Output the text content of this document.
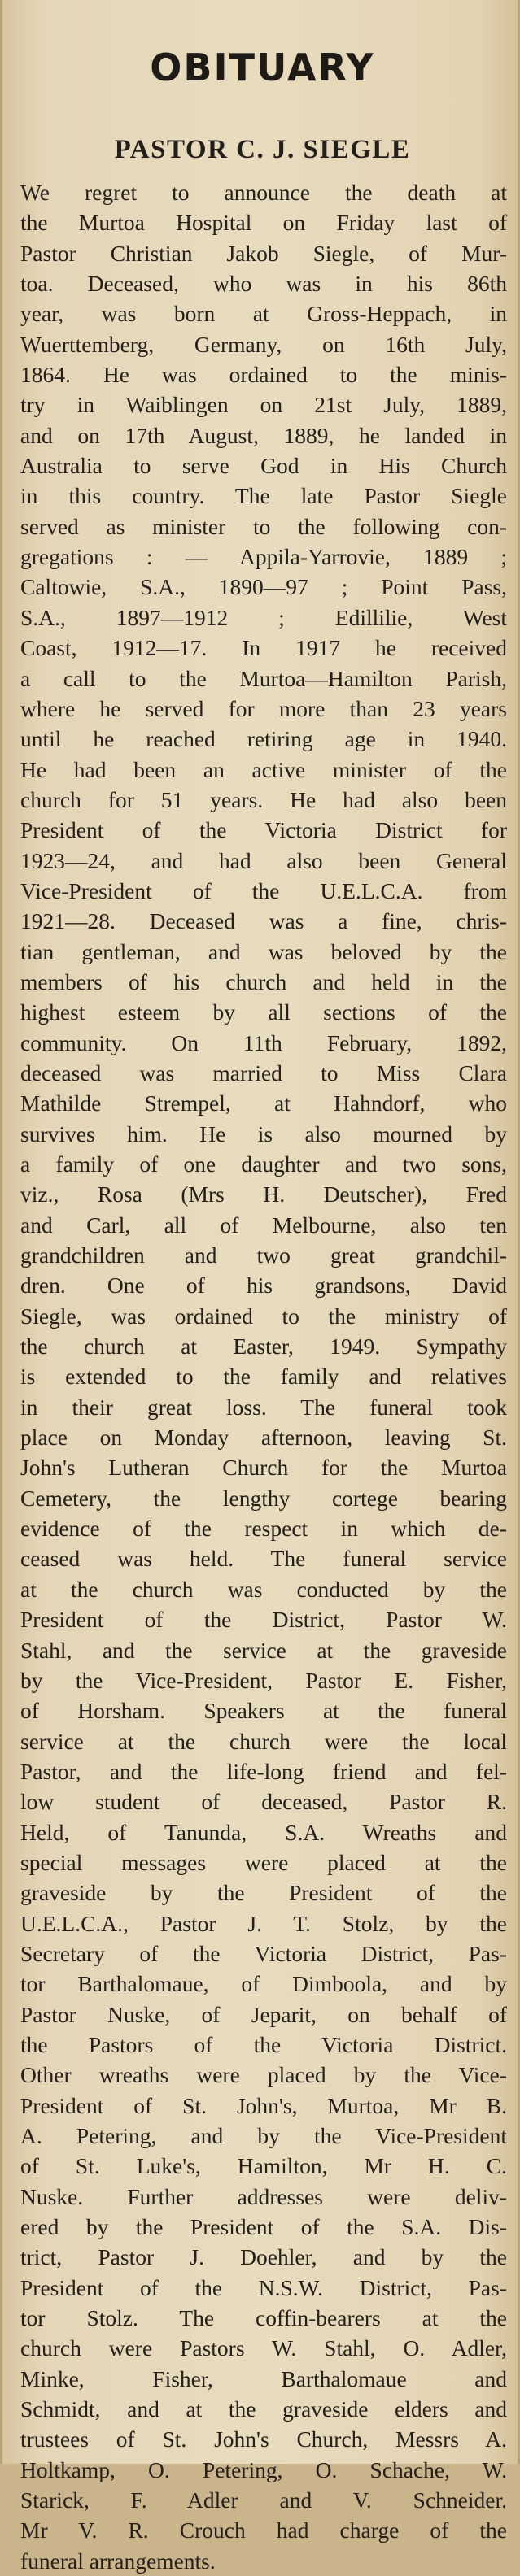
OBITUARY
PASTOR C. J. SIEGLE
We regret to announce the death at
the Murtoa Hospital on Friday last of
Pastor Christian Jakob Siegle, of Mur-
toa. Deceased, who was in his 86th
year, was born at Gross-Heppach, in
Wuerttemberg, Germany, on 16th July,
1864. He was ordained to the minis-
try in Waiblingen on 21st July, 1889,
and on 17th August, 1889, he landed in
Australia to serve God in His Church
in this country. The late Pastor Siegle
served as minister to the following con-
gregations : — Appila-Yarrovie, 1889 ;
Caltowie, S.A., 1890—97 ; Point Pass,
S.A., 1897—1912 ; Edillilie, West
Coast, 1912—17. In 1917 he received
a call to the Murtoa—Hamilton Parish,
where he served for more than 23 years
until he reached retiring age in 1940.
He had been an active minister of the
church for 51 years. He had also been
President of the Victoria District for
1923—24, and had also been General
Vice-President of the U.E.L.C.A. from
1921—28. Deceased was a fine, chris-
tian gentleman, and was beloved by the
members of his church and held in the
highest esteem by all sections of the
community. On 11th February, 1892,
deceased was married to Miss Clara
Mathilde Strempel, at Hahndorf, who
survives him. He is also mourned by
a family of one daughter and two sons,
viz., Rosa (Mrs H. Deutscher), Fred
and Carl, all of Melbourne, also ten
grandchildren and two great grandchil-
dren. One of his grandsons, David
Siegle, was ordained to the ministry of
the church at Easter, 1949. Sympathy
is extended to the family and relatives
in their great loss. The funeral took
place on Monday afternoon, leaving St.
John's Lutheran Church for the Murtoa
Cemetery, the lengthy cortege bearing
evidence of the respect in which de-
ceased was held. The funeral service
at the church was conducted by the
President of the District, Pastor W.
Stahl, and the service at the graveside
by the Vice-President, Pastor E. Fisher,
of Horsham. Speakers at the funeral
service at the church were the local
Pastor, and the life-long friend and fel-
low student of deceased, Pastor R.
Held, of Tanunda, S.A. Wreaths and
special messages were placed at the
graveside by the President of the
U.E.L.C.A., Pastor J. T. Stolz, by the
Secretary of the Victoria District, Pas-
tor Barthalomaue, of Dimboola, and by
Pastor Nuske, of Jeparit, on behalf of
the Pastors of the Victoria District.
Other wreaths were placed by the Vice-
President of St. John's, Murtoa, Mr B.
A. Petering, and by the Vice-President
of St. Luke's, Hamilton, Mr H. C.
Nuske. Further addresses were deliv-
ered by the President of the S.A. Dis-
trict, Pastor J. Doehler, and by the
President of the N.S.W. District, Pas-
tor Stolz. The coffin-bearers at the
church were Pastors W. Stahl, O. Adler,
Minke, Fisher, Barthalomaue and
Schmidt, and at the graveside elders and
trustees of St. John's Church, Messrs A.
Holtkamp, O. Petering, O. Schache, W.
Starick, F. Adler and V. Schneider.
Mr V. R. Crouch had charge of the
funeral arrangements.
